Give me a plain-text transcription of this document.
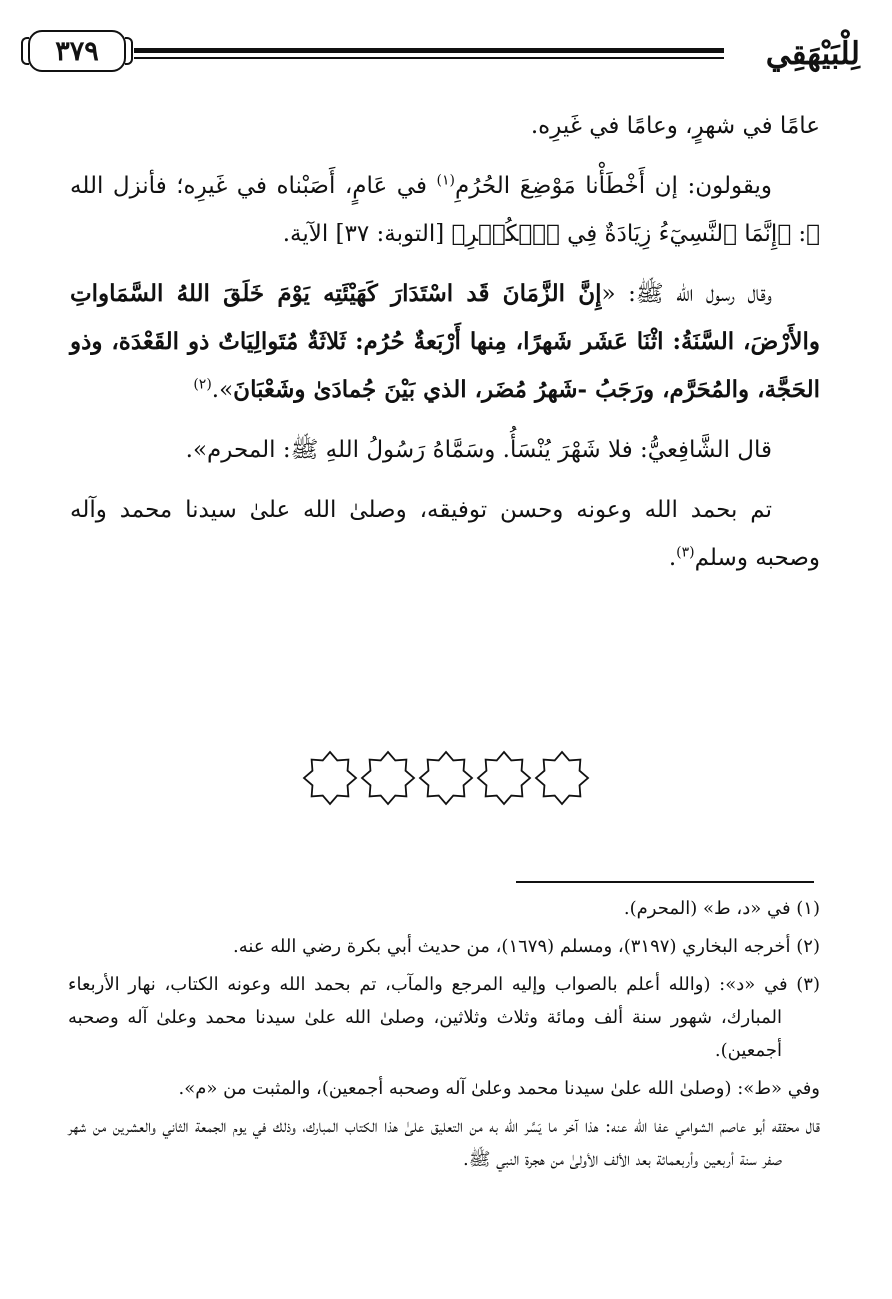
لِلْبَيْهَقِي
٣٧٩

عامًا في شهرٍ، وعامًا في غَيرِه.

ويقولون: إن أَخْطَأْنا مَوْضِعَ الحُرُمِ$^{(١)}$ في عَامٍ، أَصَبْناه في غَيرِه؛ فأنزل الله ﷻ: ﴿إِنَّمَا ٱلنَّسِيٓءُ زِيَادَةٌ فِي ٱلۡكُفۡرِ﴾ [التوبة: ٣٧] الآية.

وقال رسول الله ﷺ: «إِنَّ الزَّمَانَ قَد اسْتَدَارَ كَهَيْئَتِه يَوْمَ خَلَقَ اللهُ السَّمَاواتِ والأَرْضَ، السَّنَةُ: اثْنَا عَشَر شَهرًا، مِنها أَرْبَعةٌ حُرُم: ثَلاثَةٌ مُتَوالِيَاتٌ ذو القَعْدَة، وذو الحَجَّة، والمُحَرَّم، ورَجَبُ -شَهرُ مُضَر، الذي بَيْنَ جُمادَىٰ وشَعْبَانَ».$^{(٢)}$

قال الشَّافِعيُّ: فلا شَهْرَ يُنْسَأُ. وسَمَّاهُ رَسُولُ اللهِ ﷺ: المحرم».

تم بحمد الله وعونه وحسن توفيقه، وصلىٰ الله علىٰ سيدنا محمد وآله وصحبه وسلم$^{(٣)}$.

(١) في «د، ط» (المحرم).

(٢) أخرجه البخاري (٣١٩٧)، ومسلم (١٦٧٩)، من حديث أبي بكرة رضي الله عنه.

(٣) في «د»: (والله أعلم بالصواب وإليه المرجع والمآب، تم بحمد الله وعونه الكتاب، نهار الأربعاء المبارك، شهور سنة ألف ومائة وثلاث وثلاثين، وصلىٰ الله علىٰ سيدنا محمد وعلىٰ آله وصحبه أجمعين).

وفي «ط»: (وصلىٰ الله علىٰ سيدنا محمد وعلىٰ آله وصحبه أجمعين)، والمثبت من «م».

قال محققه أبو عاصم الشوامي عفا الله عنه: هذا آخر ما يَسَّر الله به من التعليق علىٰ هذا الكتاب المبارك، وذلك في يوم الجمعة الثاني والعشرين من شهر صفر سنة أربعين وأربعمائة بعد الألف الأولىٰ من هجرة النبي ﷺ.
